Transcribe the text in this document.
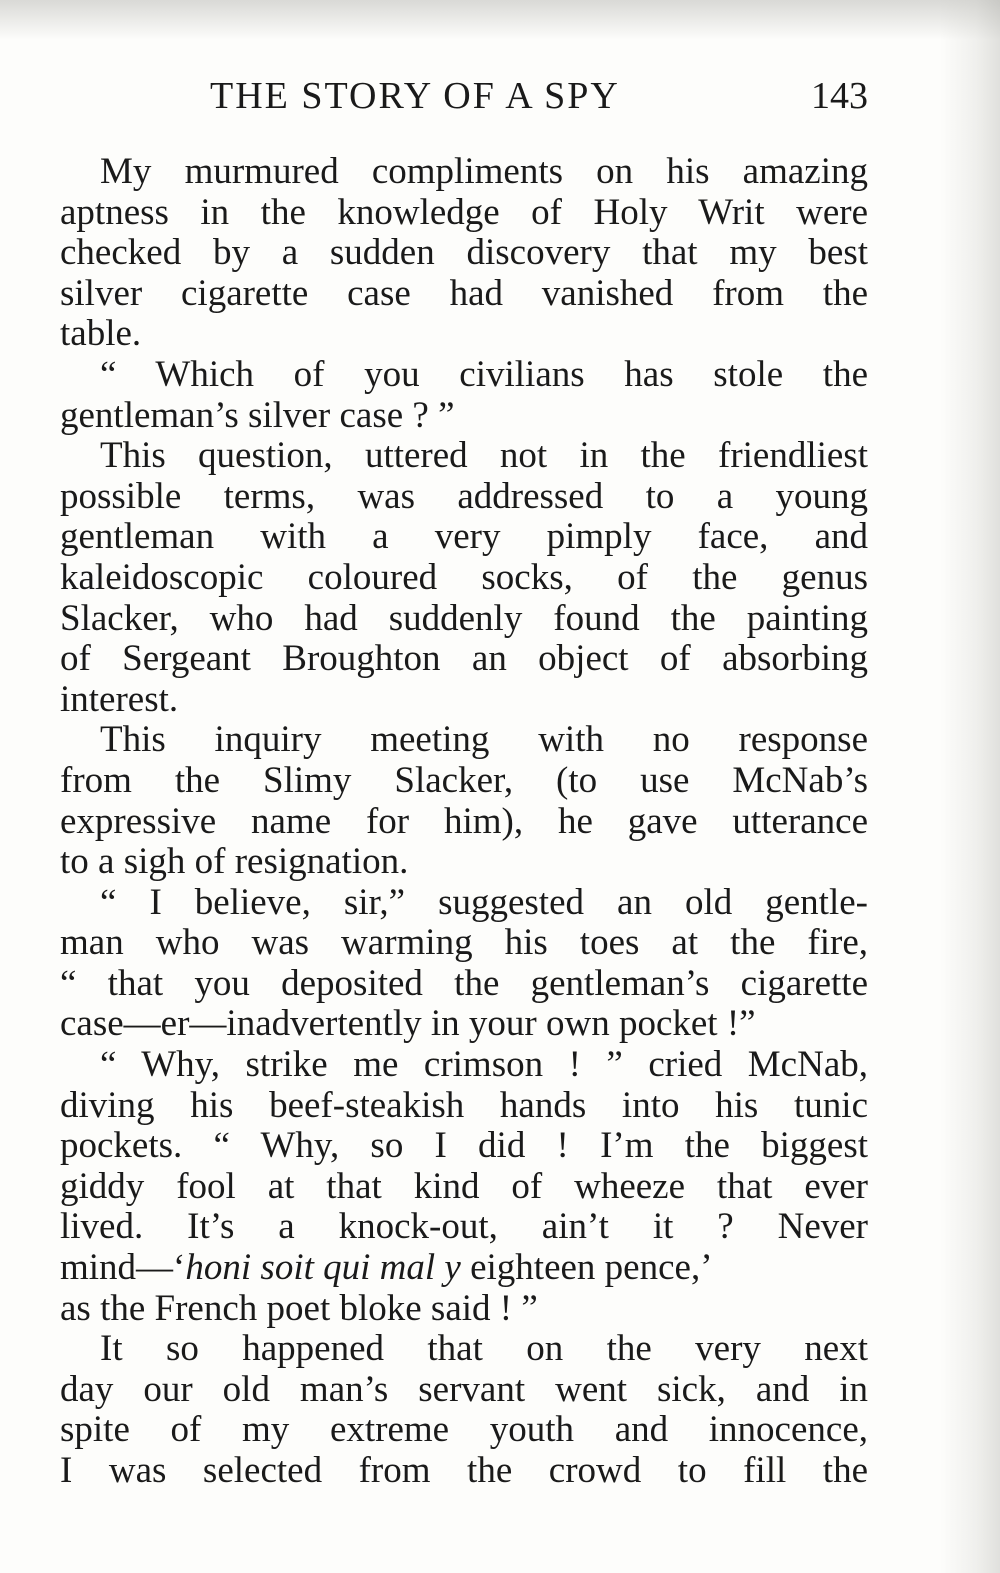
THE STORY OF A SPY	143
My murmured compliments on his amazing
aptness in the knowledge of Holy Writ were
checked by a sudden discovery that my best
silver cigarette case had vanished from the
table.
“ Which of you civilians has stole the
gentleman’s silver case ? ”
This question, uttered not in the friendliest
possible terms, was addressed to a young
gentleman with a very pimply face, and
kaleidoscopic coloured socks, of the genus
Slacker, who had suddenly found the painting
of Sergeant Broughton an object of absorbing
interest.
This inquiry meeting with no response
from the Slimy Slacker, (to use McNab’s
expressive name for him), he gave utterance
to a sigh of resignation.
“ I believe, sir,” suggested an old gentle-
man who was warming his toes at the fire,
“ that you deposited the gentleman’s cigarette
case—er—inadvertently in your own pocket !”
“ Why, strike me crimson ! ” cried McNab,
diving his beef-steakish hands into his tunic
pockets. “ Why, so I did ! I’m the biggest
giddy fool at that kind of wheeze that ever
lived. It’s a knock-out, ain’t it ? Never
mind—‘honi soit qui mal y eighteen pence,’
as the French poet bloke said ! ”
It so happened that on the very next
day our old man’s servant went sick, and in
spite of my extreme youth and innocence,
I was selected from the crowd to fill the
